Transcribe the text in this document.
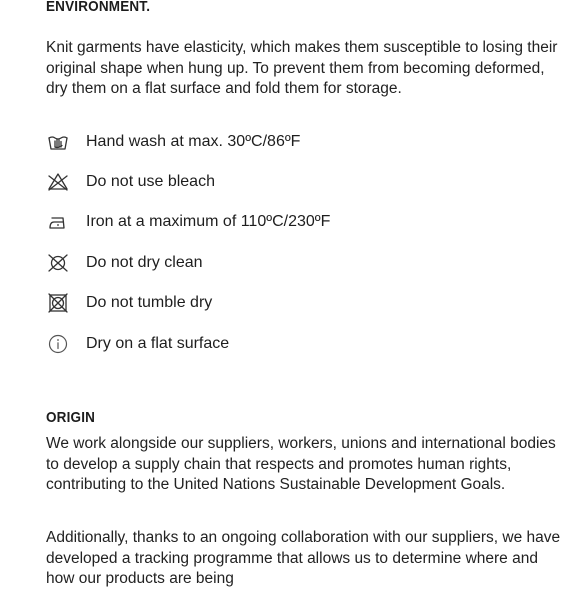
ENVIRONMENT.

Knit garments have elasticity, which makes them susceptible to losing their original shape when hung up. To prevent them from becoming deformed, dry them on a flat surface and fold them for storage.

Hand wash at max. 30ºC/86ºF
Do not use bleach
Iron at a maximum of 110ºC/230ºF
Do not dry clean
Do not tumble dry
Dry on a flat surface
ORIGIN

We work alongside our suppliers, workers, unions and international bodies to develop a supply chain that respects and promotes human rights, contributing to the United Nations Sustainable Development Goals.

Additionally, thanks to an ongoing collaboration with our suppliers, we have developed a tracking programme that allows us to determine where and how our products are being
